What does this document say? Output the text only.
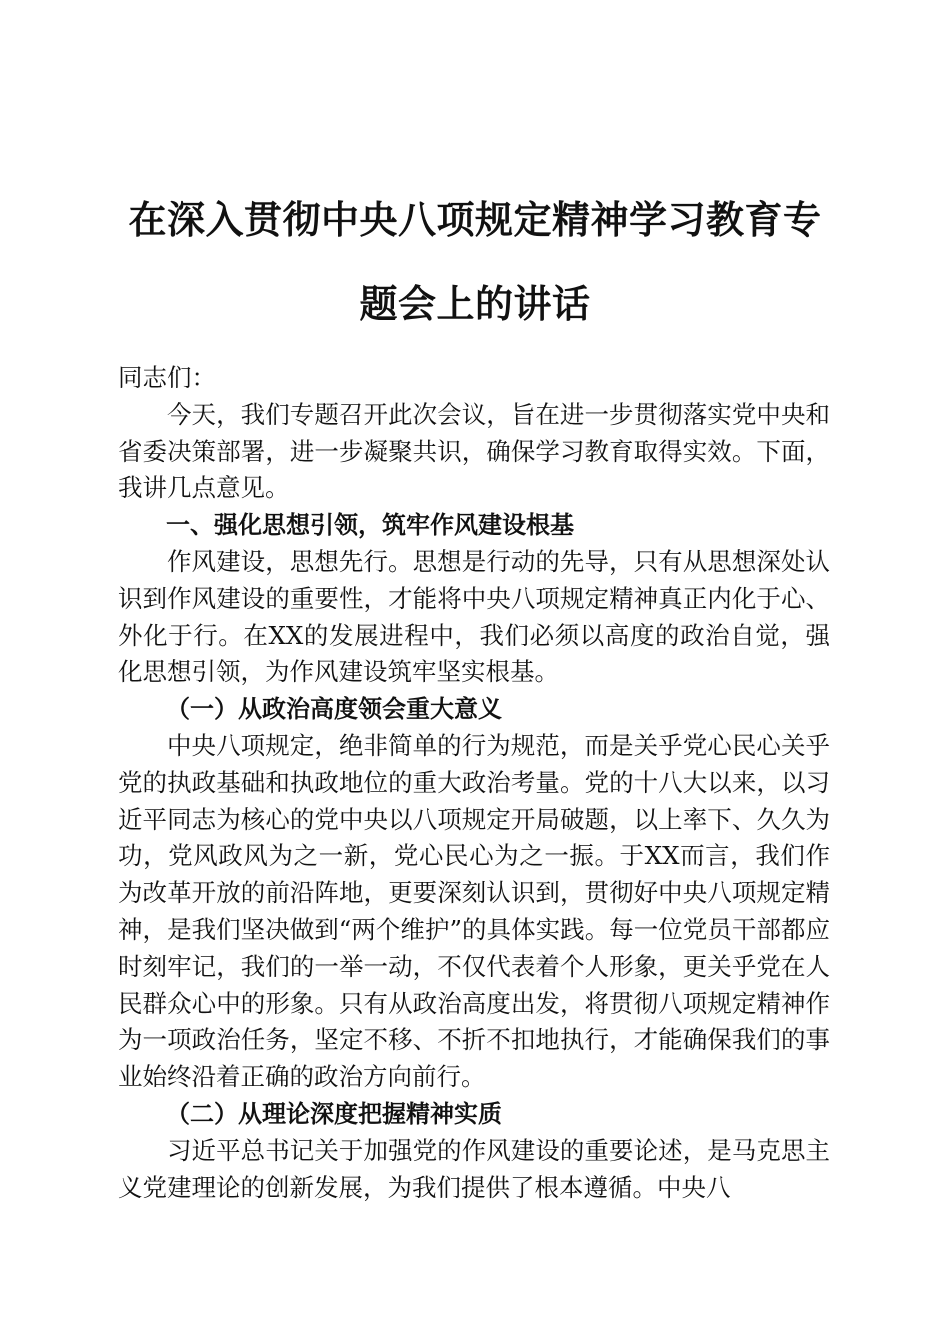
在深入贯彻中央八项规定精神学习教育专题会上的讲话

同志们：

今天，我们专题召开此次会议，旨在进一步贯彻落实党中央和省委决策部署，进一步凝聚共识，确保学习教育取得实效。下面，我讲几点意见。

一、强化思想引领，筑牢作风建设根基

作风建设，思想先行。思想是行动的先导，只有从思想深处认识到作风建设的重要性，才能将中央八项规定精神真正内化于心、外化于行。在XX的发展进程中，我们必须以高度的政治自觉，强化思想引领，为作风建设筑牢坚实根基。

（一）从政治高度领会重大意义

中央八项规定，绝非简单的行为规范，而是关乎党心民心关乎党的执政基础和执政地位的重大政治考量。党的十八大以来，以习近平同志为核心的党中央以八项规定开局破题，以上率下、久久为功，党风政风为之一新，党心民心为之一振。于XX而言，我们作为改革开放的前沿阵地，更要深刻认识到，贯彻好中央八项规定精神，是我们坚决做到“两个维护”的具体实践。每一位党员干部都应时刻牢记，我们的一举一动，不仅代表着个人形象，更关乎党在人民群众心中的形象。只有从政治高度出发，将贯彻八项规定精神作为一项政治任务，坚定不移、不折不扣地执行，才能确保我们的事业始终沿着正确的政治方向前行。

（二）从理论深度把握精神实质

习近平总书记关于加强党的作风建设的重要论述，是马克思主义党建理论的创新发展，为我们提供了根本遵循。中央八
